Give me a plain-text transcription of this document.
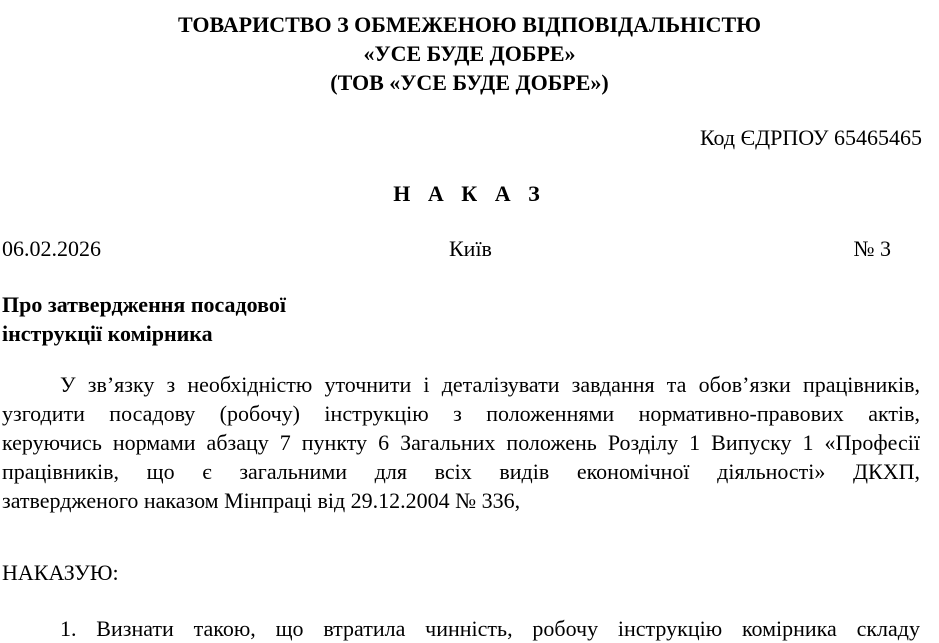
ТОВАРИСТВО З ОБМЕЖЕНОЮ ВІДПОВІДАЛЬНІСТЮ
«УСЕ БУДЕ ДОБРЕ»
(ТОВ «УСЕ БУДЕ ДОБРЕ»)
Код ЄДРПОУ 65465465
Н А К А З
06.02.2026	Київ	№ 3
Про затвердження посадової
інструкції комірника
У зв’язку з необхідністю уточнити і деталізувати завдання та обов’язки працівників,
узгодити посадову (робочу) інструкцію з положеннями нормативно-правових актів,
керуючись нормами абзацу 7 пункту 6 Загальних положень Розділу 1 Випуску 1 «Професії
працівників, що є загальними для всіх видів економічної діяльності» ДКХП,
затвердженого наказом Мінпраці від 29.12.2004 № 336,
НАКАЗУЮ:
1. Визнати такою, що втратила чинність, робочу інструкцію комірника складу
